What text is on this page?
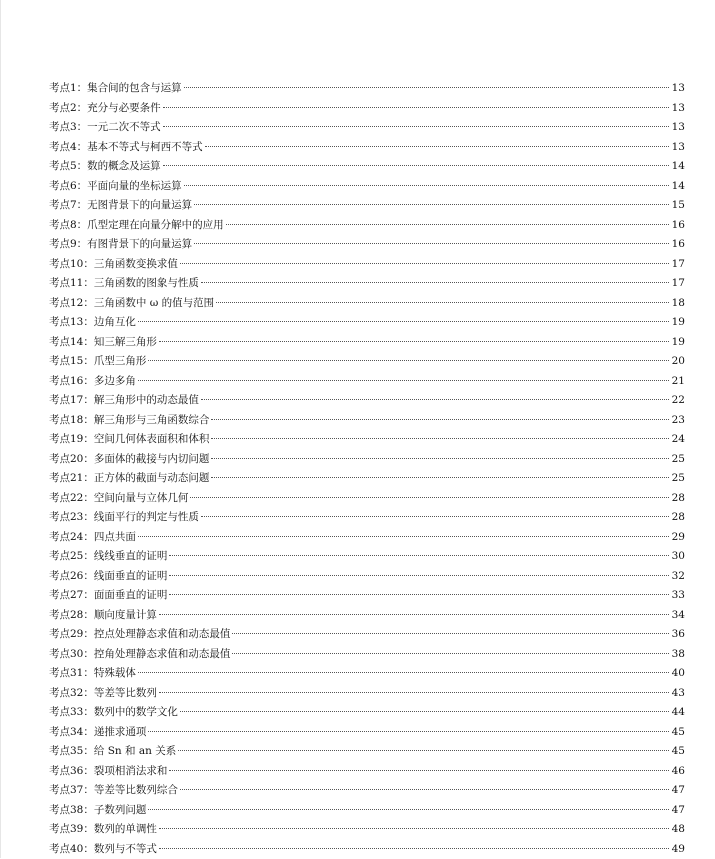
考点1：集合间的包含与运算	13
考点2：充分与必要条件	13
考点3：一元二次不等式	13
考点4：基本不等式与柯西不等式	13
考点5：数的概念及运算	14
考点6：平面向量的坐标运算	14
考点7：无图背景下的向量运算	15
考点8：爪型定理在向量分解中的应用	16
考点9：有图背景下的向量运算	16
考点10：三角函数变换求值	17
考点11：三角函数的图象与性质	17
考点12：三角函数中 ω 的值与范围	18
考点13：边角互化	19
考点14：知三解三角形	19
考点15：爪型三角形	20
考点16：多边多角	21
考点17：解三角形中的动态最值	22
考点18：解三角形与三角函数综合	23
考点19：空间几何体表面积和体积	24
考点20：多面体的截接与内切问题	25
考点21：正方体的截面与动态问题	25
考点22：空间向量与立体几何	28
考点23：线面平行的判定与性质	28
考点24：四点共面	29
考点25：线线垂直的证明	30
考点26：线面垂直的证明	32
考点27：面面垂直的证明	33
考点28：顺向度量计算	34
考点29：控点处理静态求值和动态最值	36
考点30：控角处理静态求值和动态最值	38
考点31：特殊载体	40
考点32：等差等比数列	43
考点33：数列中的数学文化	44
考点34：递推求通项	45
考点35：给 Sn 和 an 关系	45
考点36：裂项相消法求和	46
考点37：等差等比数列综合	47
考点38：子数列问题	47
考点39：数列的单调性	48
考点40：数列与不等式	49
